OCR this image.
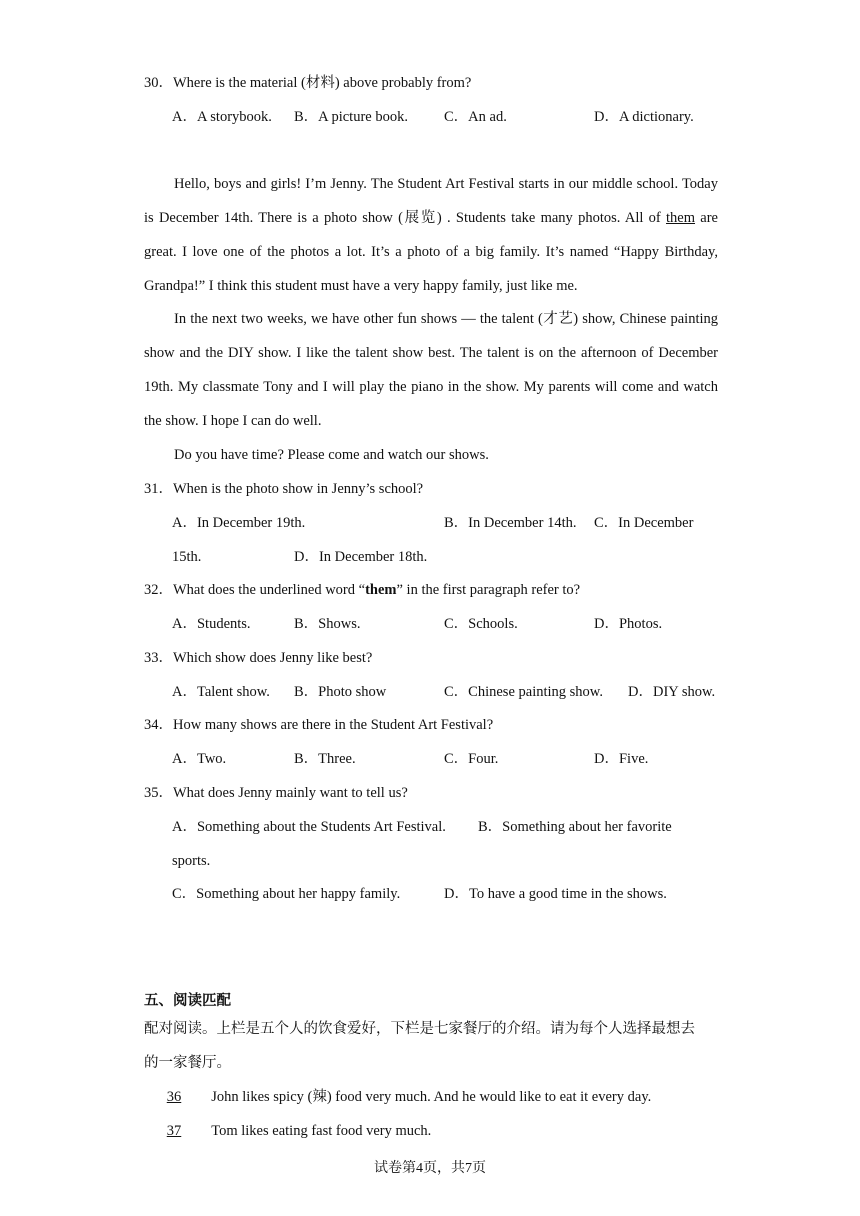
30．Where is the material (材料) above probably from?
A．A storybook. B．A picture book. C．An ad.	D．A dictionary.
Hello, boys and girls! I’m Jenny. The Student Art Festival starts in our middle school. Today is December 14th. There is a photo show (展览) . Students take many photos. All of them are great. I love one of the photos a lot. It’s a photo of a big family. It’s named “Happy Birthday, Grandpa!” I think this student must have a very happy family, just like me.
In the next two weeks, we have other fun shows — the talent (才艺) show, Chinese painting show and the DIY show. I like the talent show best. The talent is on the afternoon of December 19th. My classmate Tony and I will play the piano in the show. My parents will come and watch the show. I hope I can do well.
Do you have time? Please come and watch our shows.
31．When is the photo show in Jenny’s school?
A．In December 19th.	B．In December 14th. C．In December
15th.	D．In December 18th.
32．What does the underlined word “them” in the first paragraph refer to?
A．Students.	B．Shows.	C．Schools.	D．Photos.
33．Which show does Jenny like best?
A．Talent show. B．Photo show	C．Chinese painting show. D．DIY show.
34．How many shows are there in the Student Art Festival?
A．Two.	B．Three.	C．Four.	D．Five.
35．What does Jenny mainly want to tell us?
A．Something about the Students Art Festival. B．Something about her favorite
sports.
C．Something about her happy family.	D．To have a good time in the shows.
五、阅读匹配
配对阅读。上栏是五个人的饮食爱好，下栏是七家餐厅的介绍。请为每个人选择最想去
的一家餐厅。
36 John likes spicy (辣) food very much. And he would like to eat it every day.
37 Tom likes eating fast food very much.
试卷第4页，共7页
